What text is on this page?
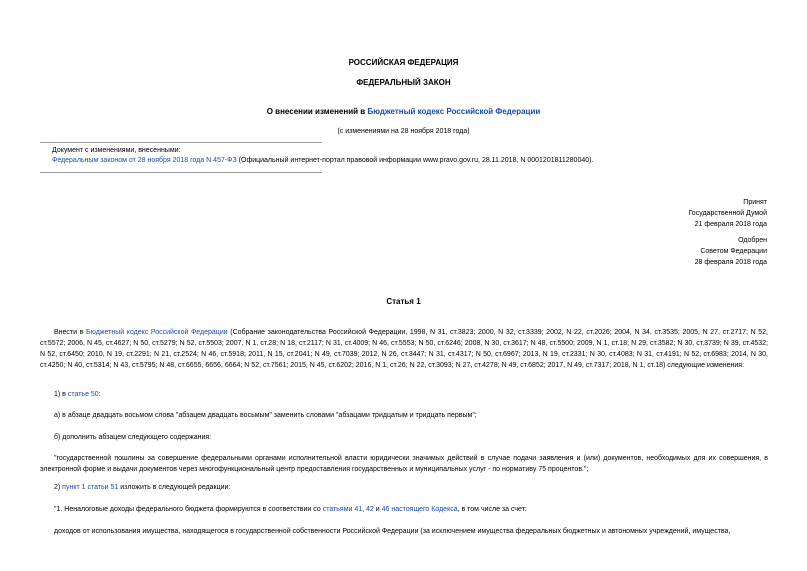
РОССИЙСКАЯ ФЕДЕРАЦИЯ
ФЕДЕРАЛЬНЫЙ ЗАКОН
О внесении изменений в Бюджетный кодекс Российской Федерации
(с изменениями на 28 ноября 2018 года)
Документ с изменениями, внесенными:
Федеральным законом от 28 ноября 2018 года N 457-ФЗ (Официальный интернет-портал правовой информации www.pravo.gov.ru, 28.11.2018, N 0001201811280040).
Принят
Государственной Думой
21 февраля 2018 года
Одобрен
Советом Федерации
28 февраля 2018 года
Статья 1
Внести в Бюджетный кодекс Российской Федерации (Собрание законодательства Российской Федерации, 1998, N 31, ст.3823; 2000, N 32, ст.3339; 2002, N 22, ст.2026; 2004, N 34, ст.3535; 2005, N 27, ст.2717; N 52, ст.5572; 2006, N 45, ст.4627; N 50, ст.5279; N 52, ст.5503; 2007, N 1, ст.28; N 18, ст.2117; N 31, ст.4009; N 46, ст.5553; N 50, ст.6246; 2008, N 30, ст.3617; N 48, ст.5500; 2009, N 1, ст.18; N 29, ст.3582; N 30, ст.3739; N 39, ст.4532; N 52, ст.6450; 2010, N 19, ст.2291; N 21, ст.2524; N 46, ст.5918; 2011, N 15, ст.2041; N 49, ст.7039; 2012, N 26, ст.3447; N 31, ст.4317; N 50, ст.6967; 2013, N 19, ст.2331; N 30, ст.4083; N 31, ст.4191; N 52, ст.6983; 2014, N 30, ст.4250; N 40, ст.5314; N 43, ст.5795; N 48, ст.6655, 6656, 6664; N 52, ст.7561; 2015, N 45, ст.6202; 2016, N 1, ст.26; N 22, ст.3093; N 27, ст.4278; N 49, ст.6852; 2017, N 49, ст.7317; 2018, N 1, ст.18) следующие изменения:
1) в статье 50:
а) в абзаце двадцать восьмом слова "абзацем двадцать восьмым" заменить словами "абзацами тридцатым и тридцать первым";
б) дополнить абзацем следующего содержания:
"государственной пошлины за совершение федеральными органами исполнительной власти юридически значимых действий в случае подачи заявления и (или) документов, необходимых для их совершения, в электронной форме и выдачи документов через многофункциональный центр предоставления государственных и муниципальных услуг - по нормативу 75 процентов.";
2) пункт 1 статьи 51 изложить в следующей редакции:
"1. Неналоговые доходы федерального бюджета формируются в соответствии со статьями 41, 42 и 46 настоящего Кодекса, в том числе за счет:
доходов от использования имущества, находящегося в государственной собственности Российской Федерации (за исключением имущества федеральных бюджетных и автономных учреждений, имущества,
